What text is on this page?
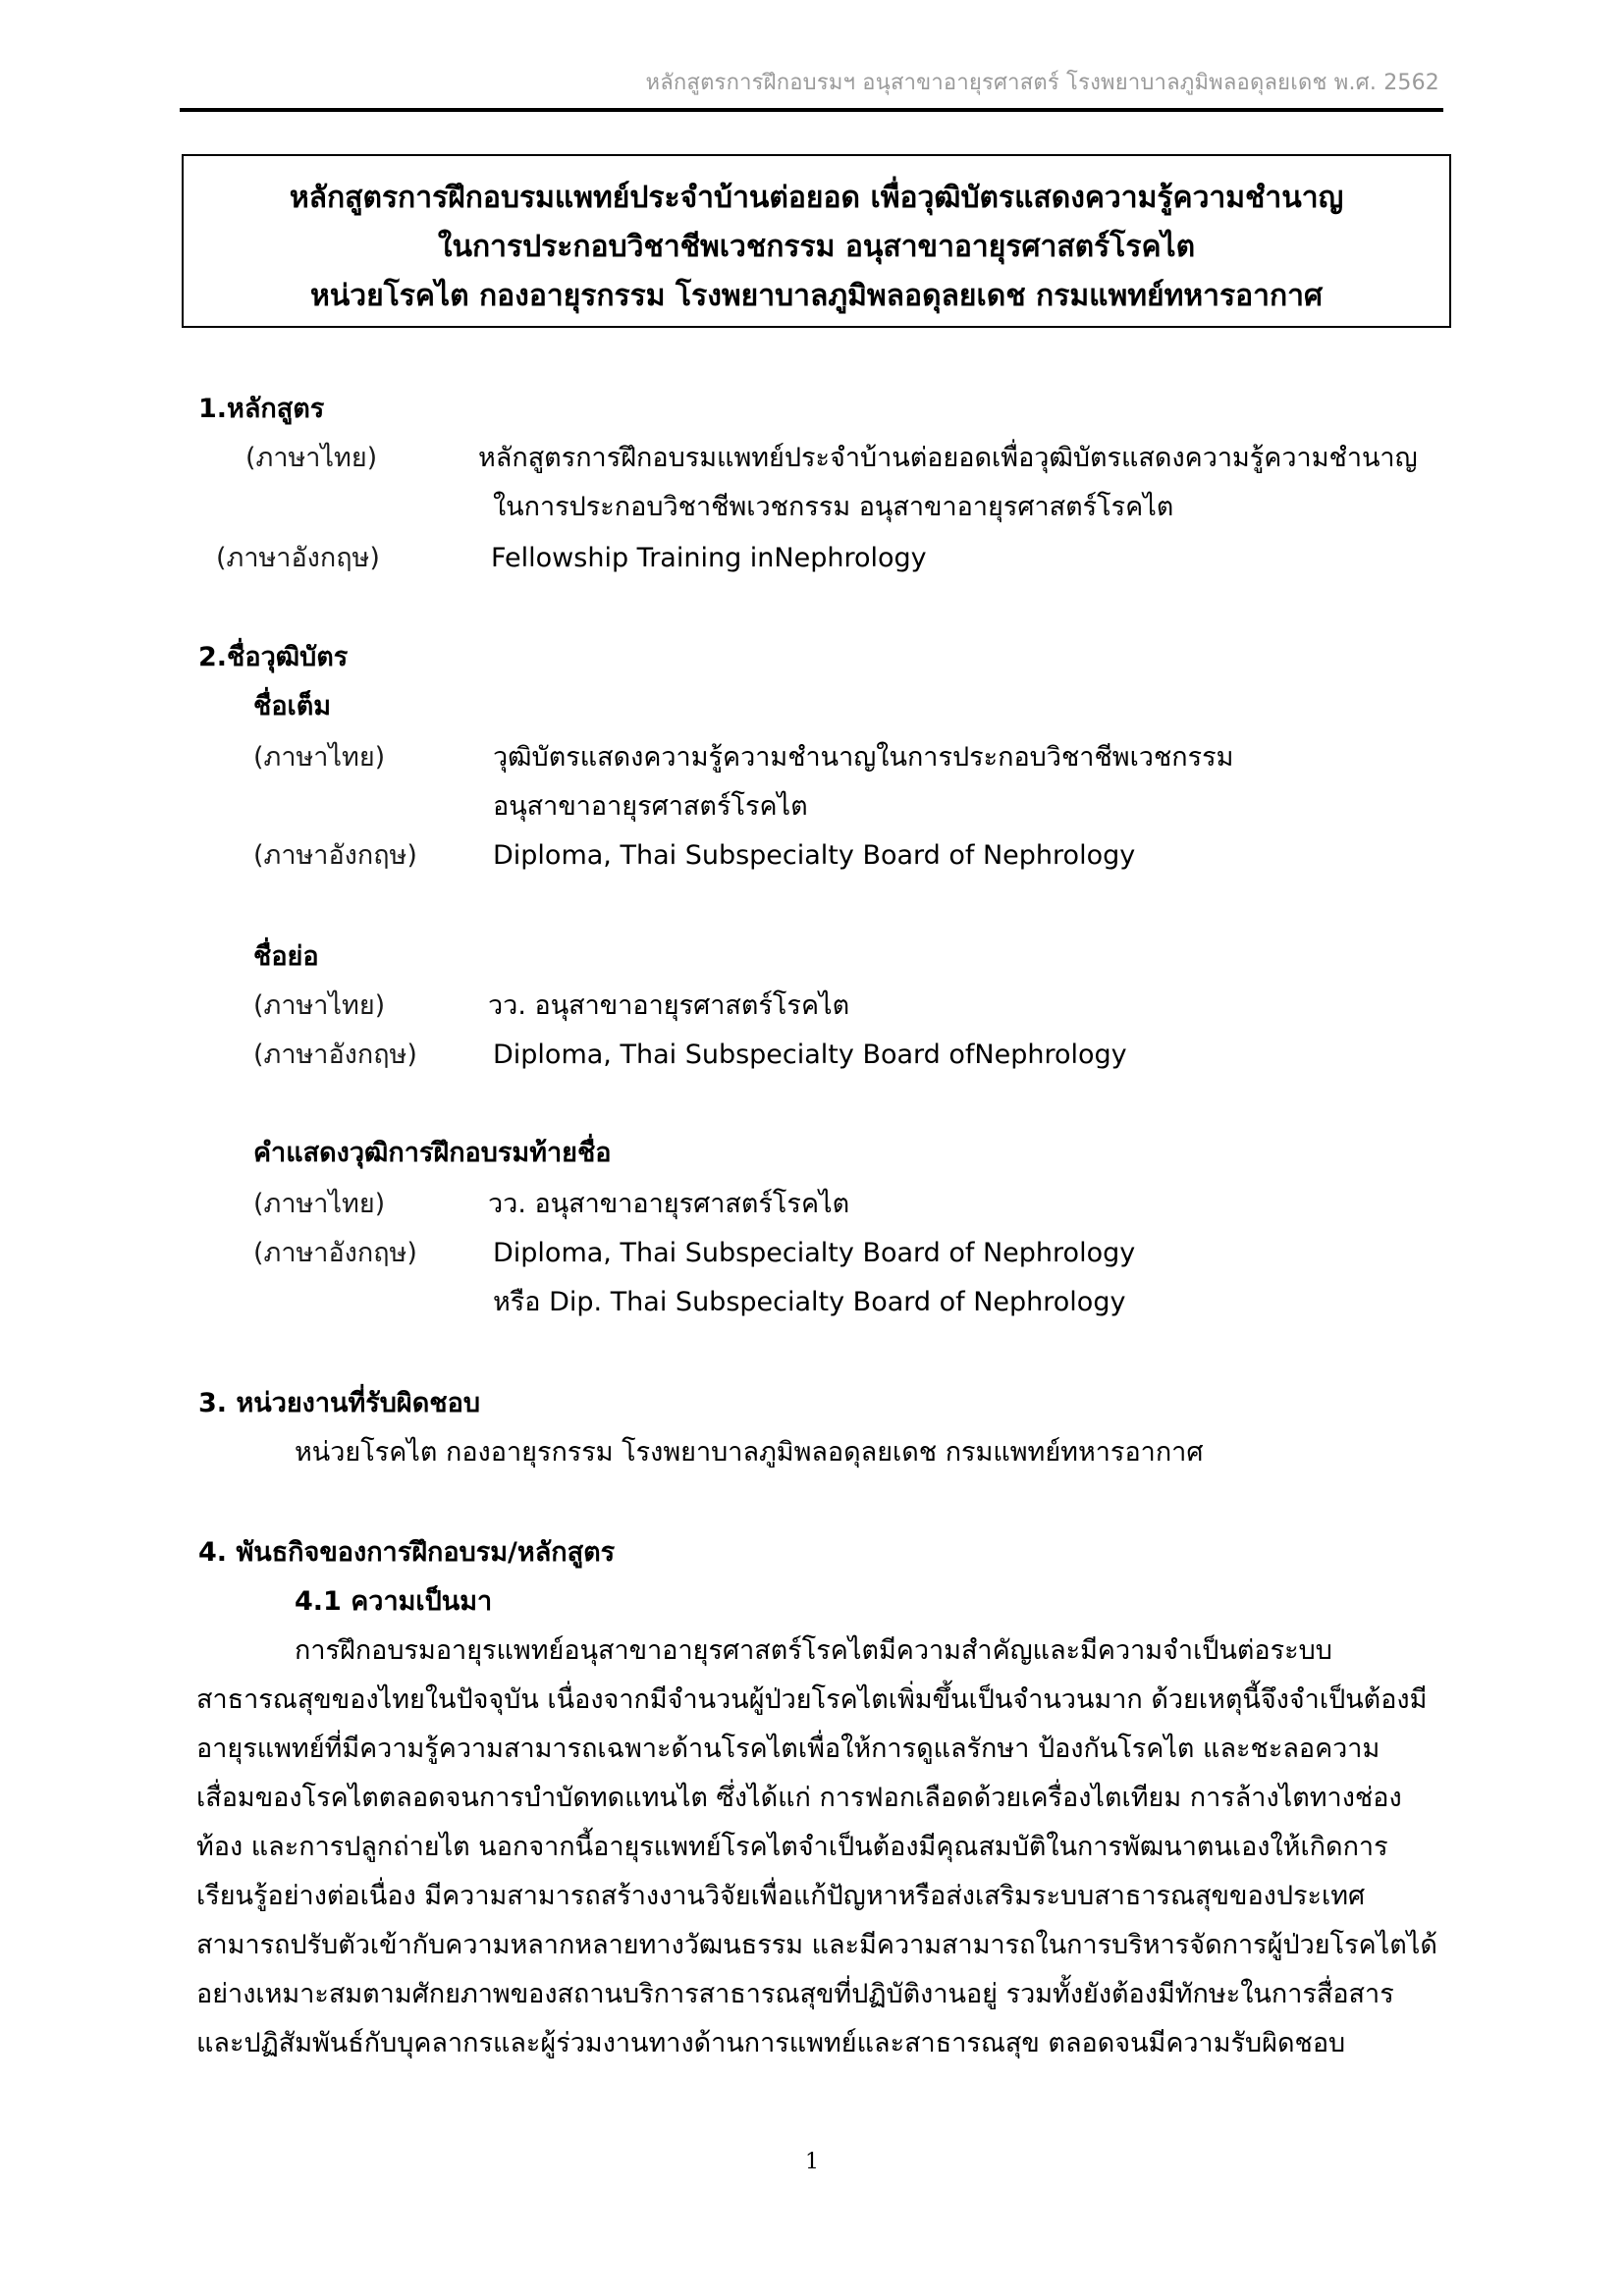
หลักสูตรการฝึกอบรมฯ อนุสาขาอายุรศาสตร์ โรงพยาบาลภูมิพลอดุลยเดช พ.ศ. 2562
หลักสูตรการฝึกอบรมแพทย์ประจำบ้านต่อยอด เพื่อวุฒิบัตรแสดงความรู้ความชำนาญ
ในการประกอบวิชาชีพเวชกรรม อนุสาขาอายุรศาสตร์โรคไต
หน่วยโรคไต กองอายุรกรรม โรงพยาบาลภูมิพลอดุลยเดช กรมแพทย์ทหารอากาศ
1.หลักสูตร
(ภาษาไทย)	หลักสูตรการฝึกอบรมแพทย์ประจำบ้านต่อยอดเพื่อวุฒิบัตรแสดงความรู้ความชำนาญ
ในการประกอบวิชาชีพเวชกรรม อนุสาขาอายุรศาสตร์โรคไต
(ภาษาอังกฤษ)	Fellowship Training inNephrology
2.ชื่อวุฒิบัตร
ชื่อเต็ม
(ภาษาไทย)	วุฒิบัตรแสดงความรู้ความชำนาญในการประกอบวิชาชีพเวชกรรม
อนุสาขาอายุรศาสตร์โรคไต
(ภาษาอังกฤษ)	Diploma, Thai Subspecialty Board of Nephrology
ชื่อย่อ
(ภาษาไทย)	วว. อนุสาขาอายุรศาสตร์โรคไต
(ภาษาอังกฤษ)	Diploma, Thai Subspecialty Board ofNephrology
คำแสดงวุฒิการฝึกอบรมท้ายชื่อ
(ภาษาไทย)	วว. อนุสาขาอายุรศาสตร์โรคไต
(ภาษาอังกฤษ)	Diploma, Thai Subspecialty Board of Nephrology
หรือ Dip. Thai Subspecialty Board of Nephrology
3. หน่วยงานที่รับผิดชอบ
หน่วยโรคไต กองอายุรกรรม โรงพยาบาลภูมิพลอดุลยเดช กรมแพทย์ทหารอากาศ
4. พันธกิจของการฝึกอบรม/หลักสูตร
4.1 ความเป็นมา
การฝึกอบรมอายุรแพทย์อนุสาขาอายุรศาสตร์โรคไตมีความสำคัญและมีความจำเป็นต่อระบบ
สาธารณสุขของไทยในปัจจุบัน เนื่องจากมีจำนวนผู้ป่วยโรคไตเพิ่มขึ้นเป็นจำนวนมาก ด้วยเหตุนี้จึงจำเป็นต้องมี
อายุรแพทย์ที่มีความรู้ความสามารถเฉพาะด้านโรคไตเพื่อให้การดูแลรักษา ป้องกันโรคไต และชะลอความ
เสื่อมของโรคไตตลอดจนการบำบัดทดแทนไต ซึ่งได้แก่ การฟอกเลือดด้วยเครื่องไตเทียม การล้างไตทางช่อง
ท้อง และการปลูกถ่ายไต นอกจากนี้อายุรแพทย์โรคไตจำเป็นต้องมีคุณสมบัติในการพัฒนาตนเองให้เกิดการ
เรียนรู้อย่างต่อเนื่อง มีความสามารถสร้างงานวิจัยเพื่อแก้ปัญหาหรือส่งเสริมระบบสาธารณสุขของประเทศ
สามารถปรับตัวเข้ากับความหลากหลายทางวัฒนธรรม และมีความสามารถในการบริหารจัดการผู้ป่วยโรคไตได้
อย่างเหมาะสมตามศักยภาพของสถานบริการสาธารณสุขที่ปฏิบัติงานอยู่ รวมทั้งยังต้องมีทักษะในการสื่อสาร
และปฏิสัมพันธ์กับบุคลากรและผู้ร่วมงานทางด้านการแพทย์และสาธารณสุข ตลอดจนมีความรับผิดชอบ
1
